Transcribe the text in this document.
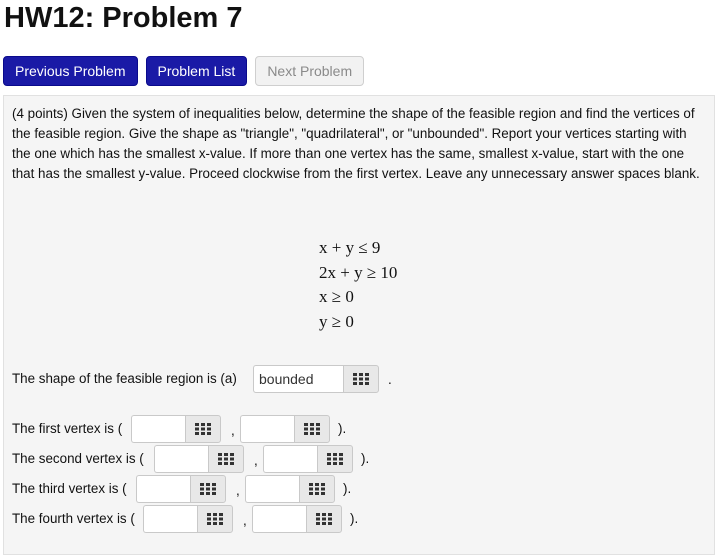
HW12: Problem 7
Previous Problem	Problem List	Next Problem

(4 points) Given the system of inequalities below, determine the shape of the feasible region and find the vertices of the feasible region. Give the shape as "triangle", "quadrilateral", or "unbounded". Report your vertices starting with the one which has the smallest x-value. If more than one vertex has the same, smallest x-value, start with the one that has the smallest y-value. Proceed clockwise from the first vertex. Leave any unnecessary answer spaces blank.

x + y ≤ 9
2x + y ≥ 10
x ≥ 0
y ≥ 0
The shape of the feasible region is (a)
bounded	.
The first vertex is (	,	).
The second vertex is (	,	).
The third vertex is (	,	).
The fourth vertex is (	,	).
